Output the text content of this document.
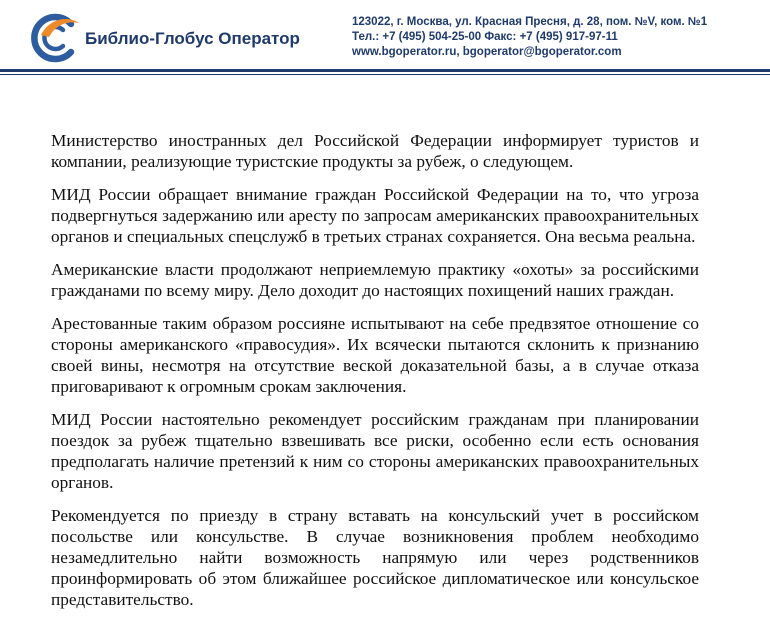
Библио-Глобус Оператор
123022, г. Москва, ул. Красная Пресня, д. 28, пом. №V, ком. №1
Тел.: +7 (495) 504-25-00 Факс: +7 (495) 917-97-11
www.bgoperator.ru, bgoperator@bgoperator.com

Министерство иностранных дел Российской Федерации информирует туристов и компании, реализующие туристские продукты за рубеж, о следующем.

МИД России обращает внимание граждан Российской Федерации на то, что угроза подвергнуться задержанию или аресту по запросам американских правоохранительных органов и специальных спецслужб в третьих странах сохраняется. Она весьма реальна.

Американские власти продолжают неприемлемую практику «охоты» за российскими гражданами по всему миру. Дело доходит до настоящих похищений наших граждан.

Арестованные таким образом россияне испытывают на себе предвзятое отношение со стороны американского «правосудия». Их всячески пытаются склонить к признанию своей вины, несмотря на отсутствие веской доказательной базы, а в случае отказа приговаривают к огромным срокам заключения.

МИД России настоятельно рекомендует российским гражданам при планировании поездок за рубеж тщательно взвешивать все риски, особенно если есть основания предполагать наличие претензий к ним со стороны американских правоохранительных органов.

Рекомендуется по приезду в страну вставать на консульский учет в российском посольстве или консульстве. В случае возникновения проблем необходимо незамедлительно найти возможность напрямую или через родственников проинформировать об этом ближайшее российское дипломатическое или консульское представительство.
